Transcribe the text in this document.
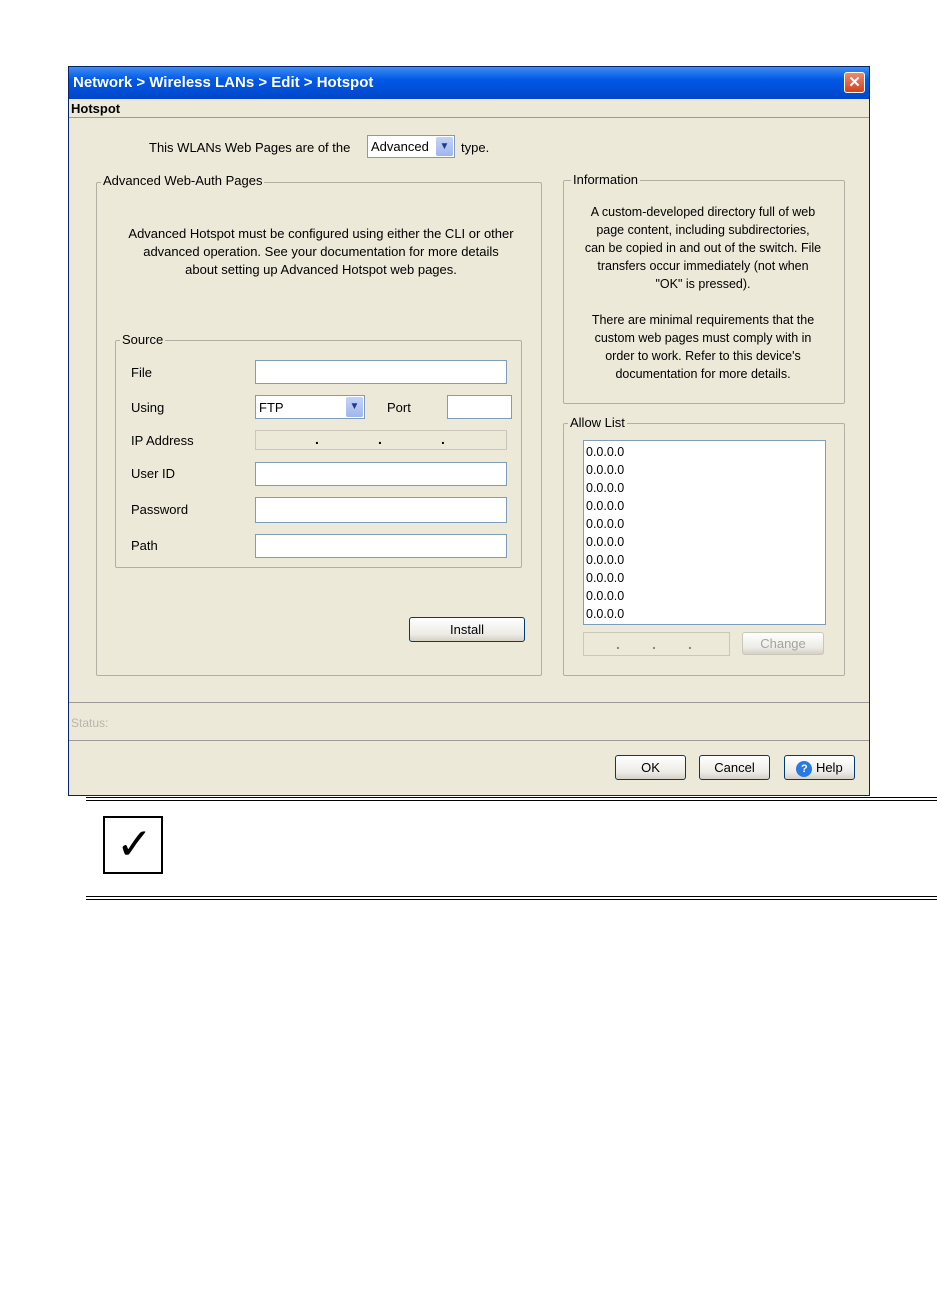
Network > Wireless LANs > Edit > Hotspot	✕
Hotspot
This WLANs Web Pages are of the Advanced	▼ type.
Advanced Web-Auth Pages
Advanced Hotspot must be configured using either the CLI or other
advanced operation. See your documentation for more details
about setting up Advanced Hotspot web pages.
Source
File
Using	FTP	▼ Port
IP Address	.	.	.
User ID
Password
Path
Install
Information
A custom-developed directory full of web
page content, including subdirectories,
can be copied in and out of the switch. File
transfers occur immediately (not when
"OK" is pressed).
There are minimal requirements that the
custom web pages must comply with in
order to work. Refer to this device's
documentation for more details.
Allow List
0.0.0.0
0.0.0.0
0.0.0.0
0.0.0.0
0.0.0.0
0.0.0.0
0.0.0.0
0.0.0.0
0.0.0.0
0.0.0.0
. . .	Change
Status:
OK	Cancel	? Help
✓
